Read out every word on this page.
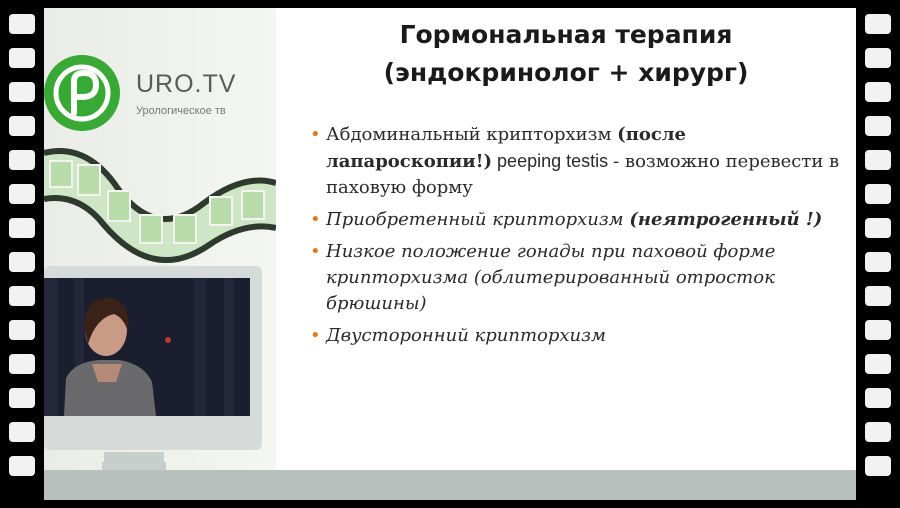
URO.TV
Урологическое тв
Гормональная терапия
(эндокринолог + хирург)
• Абдоминальный крипторхизм (после лапароскопии!) peeping testis - возможно перевести в паховую форму
• Приобретенный крипторхизм (неятрогенный !)
• Низкое положение гонады при паховой форме крипторхизма (облитерированный отросток брюшины)
• Двусторонний крипторхизм
